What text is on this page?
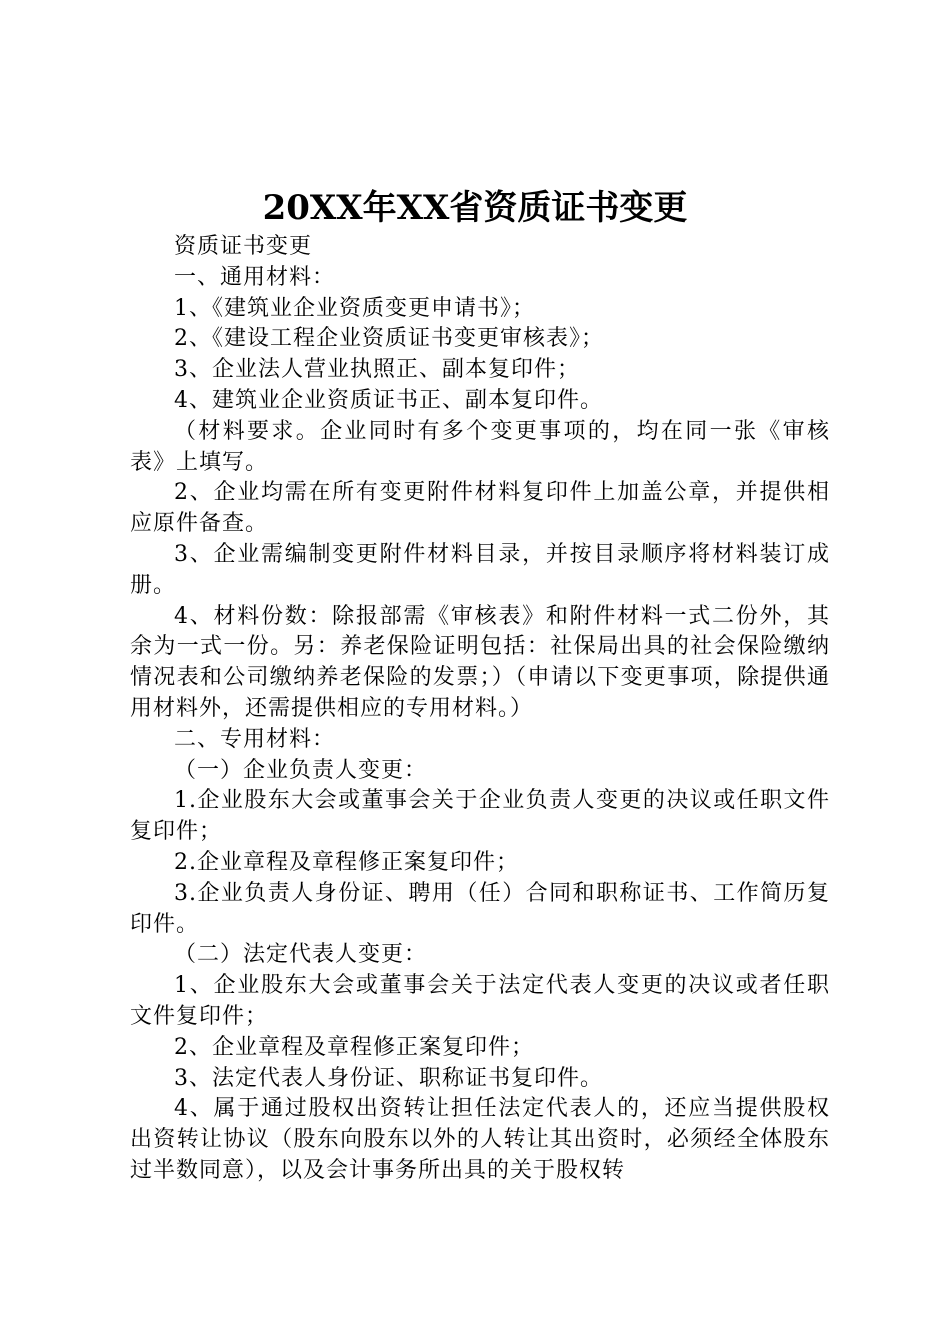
20XX年XX省资质证书变更

资质证书变更

一、通用材料：

1、《建筑业企业资质变更申请书》；

2、《建设工程企业资质证书变更审核表》；

3、企业法人营业执照正、副本复印件；

4、建筑业企业资质证书正、副本复印件。

（材料要求。企业同时有多个变更事项的，均在同一张《审核表》上填写。

2、企业均需在所有变更附件材料复印件上加盖公章，并提供相应原件备查。

3、企业需编制变更附件材料目录，并按目录顺序将材料装订成册。

4、材料份数：除报部需《审核表》和附件材料一式二份外，其余为一式一份。另：养老保险证明包括：社保局出具的社会保险缴纳情况表和公司缴纳养老保险的发票；）（申请以下变更事项，除提供通用材料外，还需提供相应的专用材料。）

二、专用材料：

（一）企业负责人变更：

1.企业股东大会或董事会关于企业负责人变更的决议或任职文件复印件；

2.企业章程及章程修正案复印件；

3.企业负责人身份证、聘用（任）合同和职称证书、工作简历复印件。

（二）法定代表人变更：

1、企业股东大会或董事会关于法定代表人变更的决议或者任职文件复印件；

2、企业章程及章程修正案复印件；

3、法定代表人身份证、职称证书复印件。

4、属于通过股权出资转让担任法定代表人的，还应当提供股权出资转让协议（股东向股东以外的人转让其出资时，必须经全体股东过半数同意），以及会计事务所出具的关于股权转
